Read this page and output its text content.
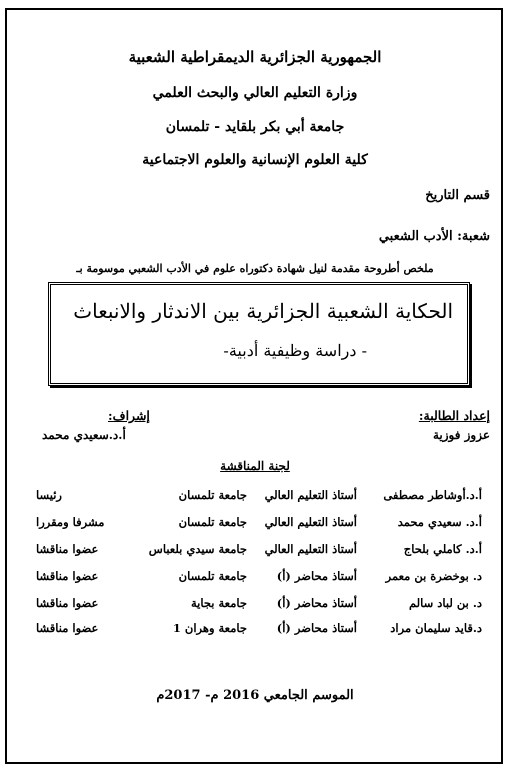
الجمهورية الجزائرية الديمقراطية الشعبية
وزارة التعليم العالي والبحث العلمي
جامعة أبي بكر بلقايد - تلمسان
كلية العلوم الإنسانية والعلوم الاجتماعية
قسم التاريخ
شعبة: الأدب الشعبي
ملخص أطروحة مقدمة لنيل شهادة دكتوراه علوم في الأدب الشعبي موسومة بـ
الحكاية الشعبية الجزائرية بين الاندثار والانبعاث
- دراسة وظيفية أدبية-
إعداد الطالبة:
عزوز فوزية
إشراف:
أ.د.سعيدي محمد
لجنة المناقشة
أ.د.أوشاطر مصطفى
أستاذ التعليم العالي
جامعة تلمسان
رئيسا
أ.د. سعيدي محمد
أستاذ التعليم العالي
جامعة تلمسان
مشرفا ومقررا
أ.د. كاملي بلحاج
أستاذ التعليم العالي
جامعة سيدي بلعباس
عضوا مناقشا
د. بوخضرة بن معمر
أستاذ محاضر (أ)
جامعة تلمسان
عضوا مناقشا
د. بن لباد سالم
أستاذ محاضر (أ)
جامعة بجاية
عضوا مناقشا
د.قايد سليمان مراد
أستاذ محاضر (أ)
جامعة وهران 1
عضوا مناقشا
الموسم الجامعي 2016 م- 2017م
